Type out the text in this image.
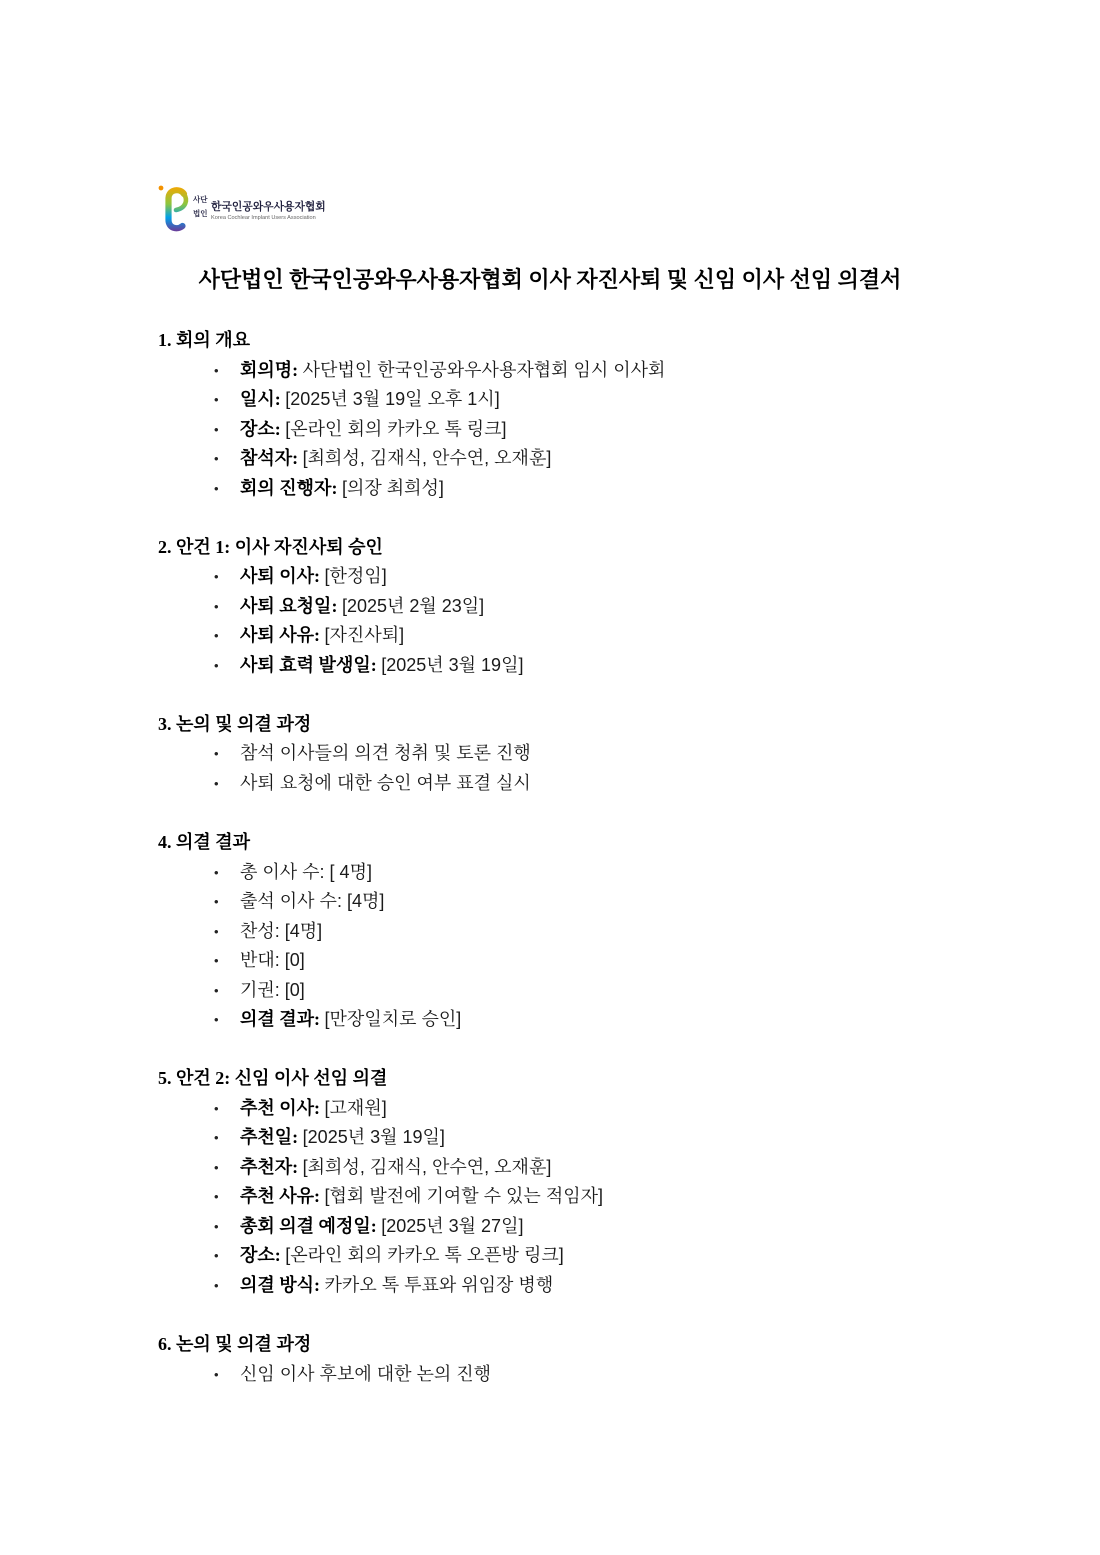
사단
법인
한국인공와우사용자협회
Korea Cochlear Implant Users Association
사단법인 한국인공와우사용자협회 이사 자진사퇴 및 신임 이사 선임 의결서
1. 회의 개요
• 회의명: 사단법인 한국인공와우사용자협회 임시 이사회
• 일시: [2025년 3월 19일 오후 1시]
• 장소: [온라인 회의 카카오 톡 링크]
• 참석자: [최희성, 김재식, 안수연, 오재훈]
• 회의 진행자: [의장 최희성]
2. 안건 1: 이사 자진사퇴 승인
• 사퇴 이사: [한정임]
• 사퇴 요청일: [2025년 2월 23일]
• 사퇴 사유: [자진사퇴]
• 사퇴 효력 발생일: [2025년 3월 19일]
3. 논의 및 의결 과정
• 참석 이사들의 의견 청취 및 토론 진행
• 사퇴 요청에 대한 승인 여부 표결 실시
4. 의결 결과
• 총 이사 수: [ 4명]
• 출석 이사 수: [4명]
• 찬성: [4명]
• 반대: [0]
• 기권: [0]
• 의결 결과: [만장일치로 승인]
5. 안건 2: 신임 이사 선임 의결
• 추천 이사: [고재원]
• 추천일: [2025년 3월 19일]
• 추천자: [최희성, 김재식, 안수연, 오재훈]
• 추천 사유: [협회 발전에 기여할 수 있는 적임자]
• 총회 의결 예정일: [2025년 3월 27일]
• 장소: [온라인 회의 카카오 톡 오픈방 링크]
• 의결 방식: 카카오 톡 투표와 위임장 병행
6. 논의 및 의결 과정
• 신임 이사 후보에 대한 논의 진행
